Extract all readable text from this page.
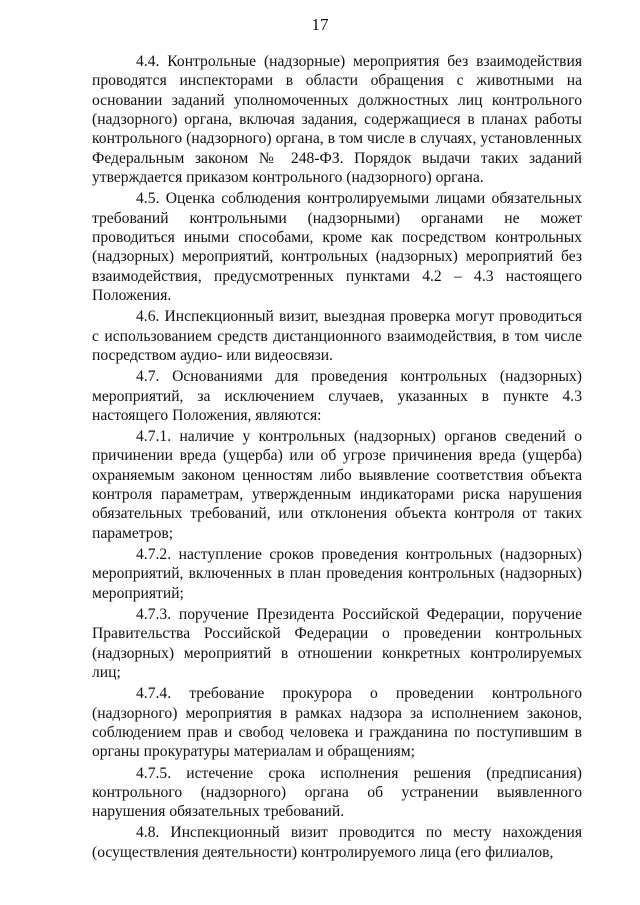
17

4.4. Контрольные (надзорные) мероприятия без взаимодействия проводятся инспекторами в области обращения с животными на основании заданий уполномоченных должностных лиц контрольного (надзорного) органа, включая задания, содержащиеся в планах работы контрольного (надзорного) органа, в том числе в случаях, установленных Федеральным законом № 248-ФЗ. Порядок выдачи таких заданий утверждается приказом контрольного (надзорного) органа.

4.5. Оценка соблюдения контролируемыми лицами обязательных требований контрольными (надзорными) органами не может проводиться иными способами, кроме как посредством контрольных (надзорных) мероприятий, контрольных (надзорных) мероприятий без взаимодействия, предусмотренных пунктами 4.2 – 4.3 настоящего Положения.

4.6. Инспекционный визит, выездная проверка могут проводиться с использованием средств дистанционного взаимодействия, в том числе посредством аудио- или видеосвязи.

4.7. Основаниями для проведения контрольных (надзорных) мероприятий, за исключением случаев, указанных в пункте 4.3 настоящего Положения, являются:

4.7.1. наличие у контрольных (надзорных) органов сведений о причинении вреда (ущерба) или об угрозе причинения вреда (ущерба) охраняемым законом ценностям либо выявление соответствия объекта контроля параметрам, утвержденным индикаторами риска нарушения обязательных требований, или отклонения объекта контроля от таких параметров;

4.7.2. наступление сроков проведения контрольных (надзорных) мероприятий, включенных в план проведения контрольных (надзорных) мероприятий;

4.7.3. поручение Президента Российской Федерации, поручение Правительства Российской Федерации о проведении контрольных (надзорных) мероприятий в отношении конкретных контролируемых лиц;

4.7.4. требование прокурора о проведении контрольного (надзорного) мероприятия в рамках надзора за исполнением законов, соблюдением прав и свобод человека и гражданина по поступившим в органы прокуратуры материалам и обращениям;

4.7.5. истечение срока исполнения решения (предписания) контрольного (надзорного) органа об устранении выявленного нарушения обязательных требований.

4.8. Инспекционный визит проводится по месту нахождения (осуществления деятельности) контролируемого лица (его филиалов,
